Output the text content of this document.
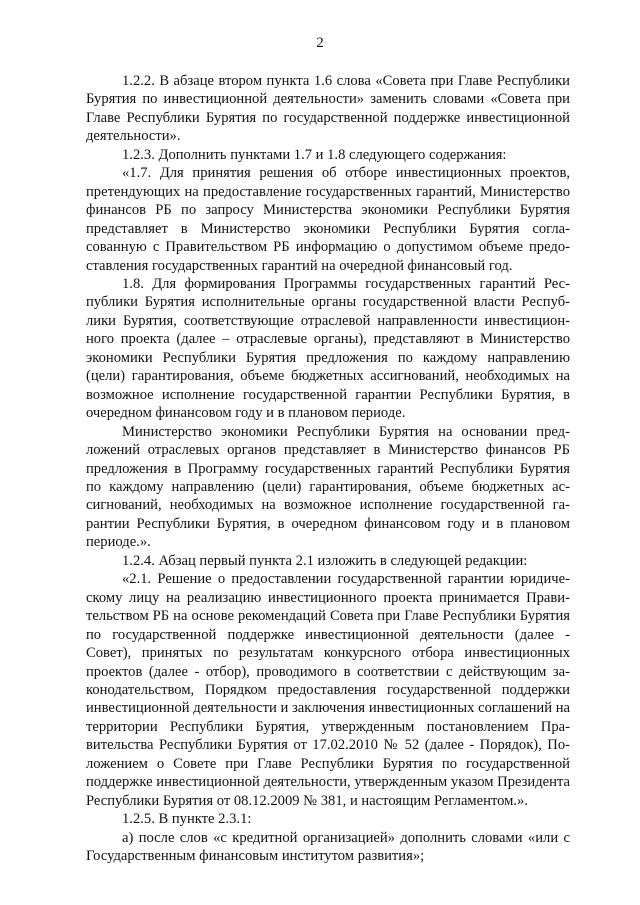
2

1.2.2. В абзаце втором пункта 1.6 слова «Совета при Главе Республики Бурятия по инвестиционной деятельности» заменить словами «Совета при Главе Республики Бурятия по государственной поддержке инвестиционной деятельности».

1.2.3. Дополнить пунктами 1.7 и 1.8 следующего содержания:

«1.7. Для принятия решения об отборе инвестиционных проектов, претендующих на предоставление государственных гарантий, Министерство финансов РБ по запросу Министерства экономики Республики Бурятия представляет в Министерство экономики Республики Бурятия согласованную с Правительством РБ информацию о допустимом объеме предоставления государственных гарантий на очередной финансовый год.

1.8. Для формирования Программы государственных гарантий Республики Бурятия исполнительные органы государственной власти Республики Бурятия, соответствующие отраслевой направленности инвестиционного проекта (далее – отраслевые органы), представляют в Министерство экономики Республики Бурятия предложения по каждому направлению (цели) гарантирования, объеме бюджетных ассигнований, необходимых на возможное исполнение государственной гарантии Республики Бурятия, в очередном финансовом году и в плановом периоде.

Министерство экономики Республики Бурятия на основании предложений отраслевых органов представляет в Министерство финансов РБ предложения в Программу государственных гарантий Республики Бурятия по каждому направлению (цели) гарантирования, объеме бюджетных ассигнований, необходимых на возможное исполнение государственной гарантии Республики Бурятия, в очередном финансовом году и в плановом периоде.».

1.2.4. Абзац первый пункта 2.1 изложить в следующей редакции:

«2.1. Решение о предоставлении государственной гарантии юридическому лицу на реализацию инвестиционного проекта принимается Правительством РБ на основе рекомендаций Совета при Главе Республики Бурятия по государственной поддержке инвестиционной деятельности (далее - Совет), принятых по результатам конкурсного отбора инвестиционных проектов (далее - отбор), проводимого в соответствии с действующим законодательством, Порядком предоставления государственной поддержки инвестиционной деятельности и заключения инвестиционных соглашений на территории Республики Бурятия, утвержденным постановлением Правительства Республики Бурятия от 17.02.2010 № 52 (далее - Порядок), Положением о Совете при Главе Республики Бурятия по государственной поддержке инвестиционной деятельности, утвержденным указом Президента Республики Бурятия от 08.12.2009 № 381, и настоящим Регламентом.».

1.2.5. В пункте 2.3.1:

а) после слов «с кредитной организацией» дополнить словами «или с Государственным финансовым институтом развития»;
